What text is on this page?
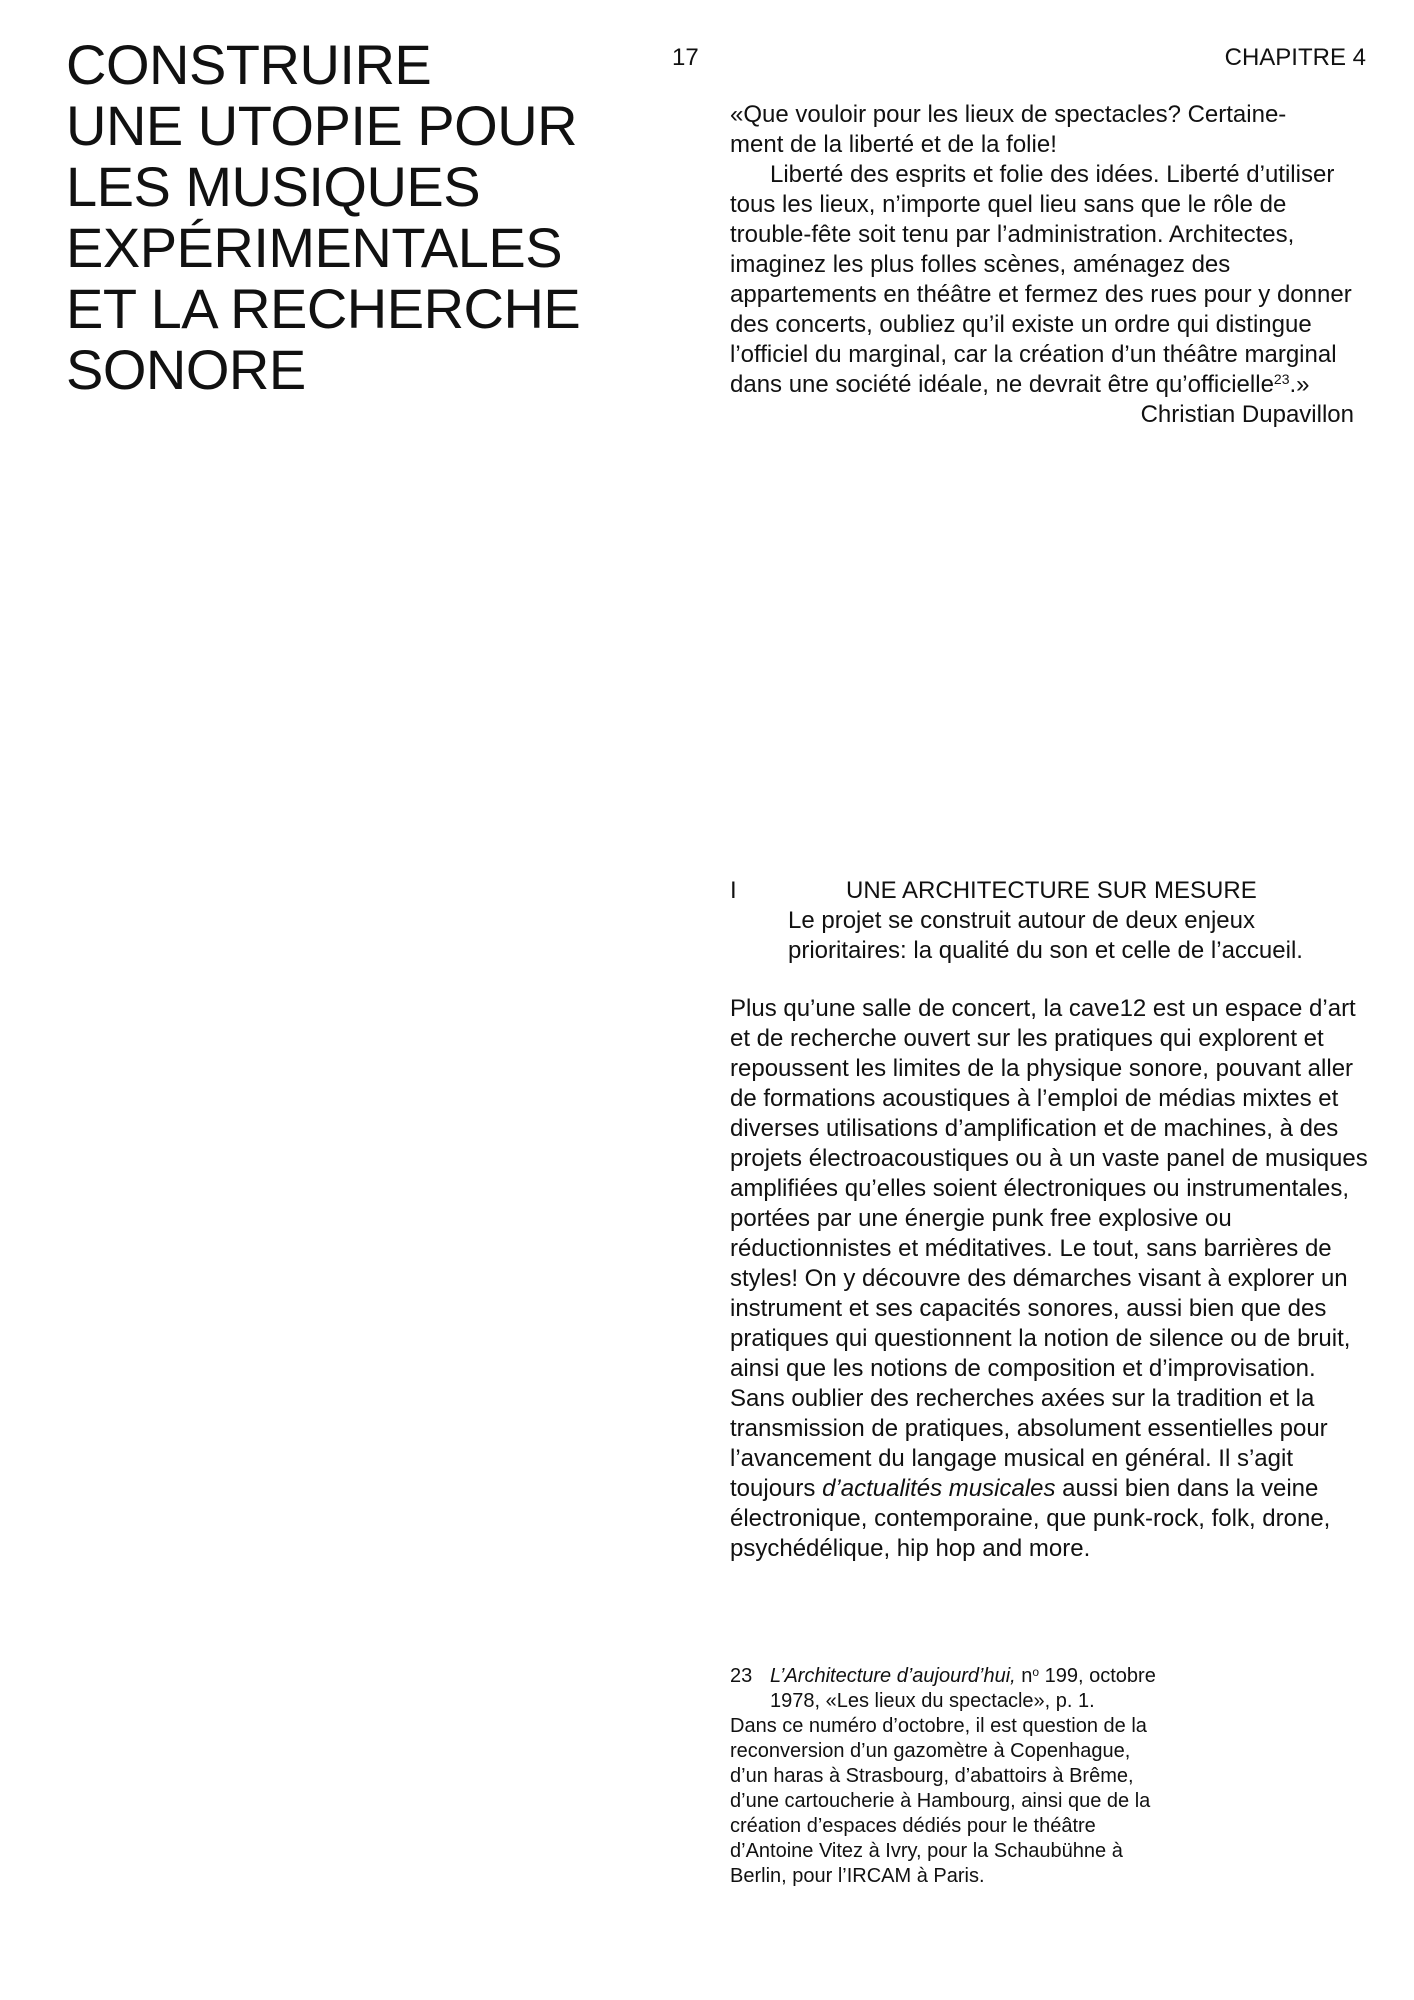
CONSTRUIRE
UNE UTOPIE POUR
LES MUSIQUES
EXPÉRIMENTALES
ET LA RECHERCHE
SONORE
17	CHAPITRE 4

«Que vouloir pour les lieux de spectacles? Certaine-
ment de la liberté et de la folie!

Liberté des esprits et folie des idées. Liberté d’utiliser tous les lieux, n’importe quel lieu sans que le rôle de trouble-fête soit tenu par l’administration. Architectes, imaginez les plus folles scènes, aménagez des appartements en théâtre et fermez des rues pour y donner des concerts, oubliez qu’il existe un ordre qui distingue l’officiel du marginal, car la création d’un théâtre marginal dans une société idéale, ne devrait être qu’officielle$^{23}$.»

Christian Dupavillon

I	UNE ARCHITECTURE SUR MESURE
Le projet se construit autour de deux enjeux prioritaires: la qualité du son et celle de l’accueil.

Plus qu’une salle de concert, la cave12 est un espace d’art et de recherche ouvert sur les pratiques qui explorent et repoussent les limites de la physique sonore, pouvant aller de formations acoustiques à l’emploi de médias mixtes et diverses utilisations d’amplification et de machines, à des projets électroacoustiques ou à un vaste panel de musiques amplifiées qu’elles soient électroniques ou instrumentales, portées par une énergie punk free explosive ou réductionnistes et méditatives. Le tout, sans barrières de styles! On y découvre des démarches visant à explorer un instrument et ses capacités sonores, aussi bien que des pratiques qui questionnent la notion de silence ou de bruit, ainsi que les notions de composition et d’improvisation. Sans oublier des recherches axées sur la tradition et la transmission de pratiques, absolument essentielles pour l’avancement du langage musical en général. Il s’agit toujours d’actualités musicales aussi bien dans la veine électronique, contemporaine, que punk-rock, folk, drone, psychédélique, hip hop and more.

23 L’Architecture d’aujourd’hui, $n^o$ 199, octobre 1978, «Les lieux du spectacle», p. 1.

Dans ce numéro d’octobre, il est question de la reconversion d’un gazomètre à Copenhague, d’un haras à Strasbourg, d’abattoirs à Brême, d’une cartoucherie à Hambourg, ainsi que de la création d’espaces dédiés pour le théâtre d’Antoine Vitez à Ivry, pour la Schaubühne à Berlin, pour l’IRCAM à Paris.
